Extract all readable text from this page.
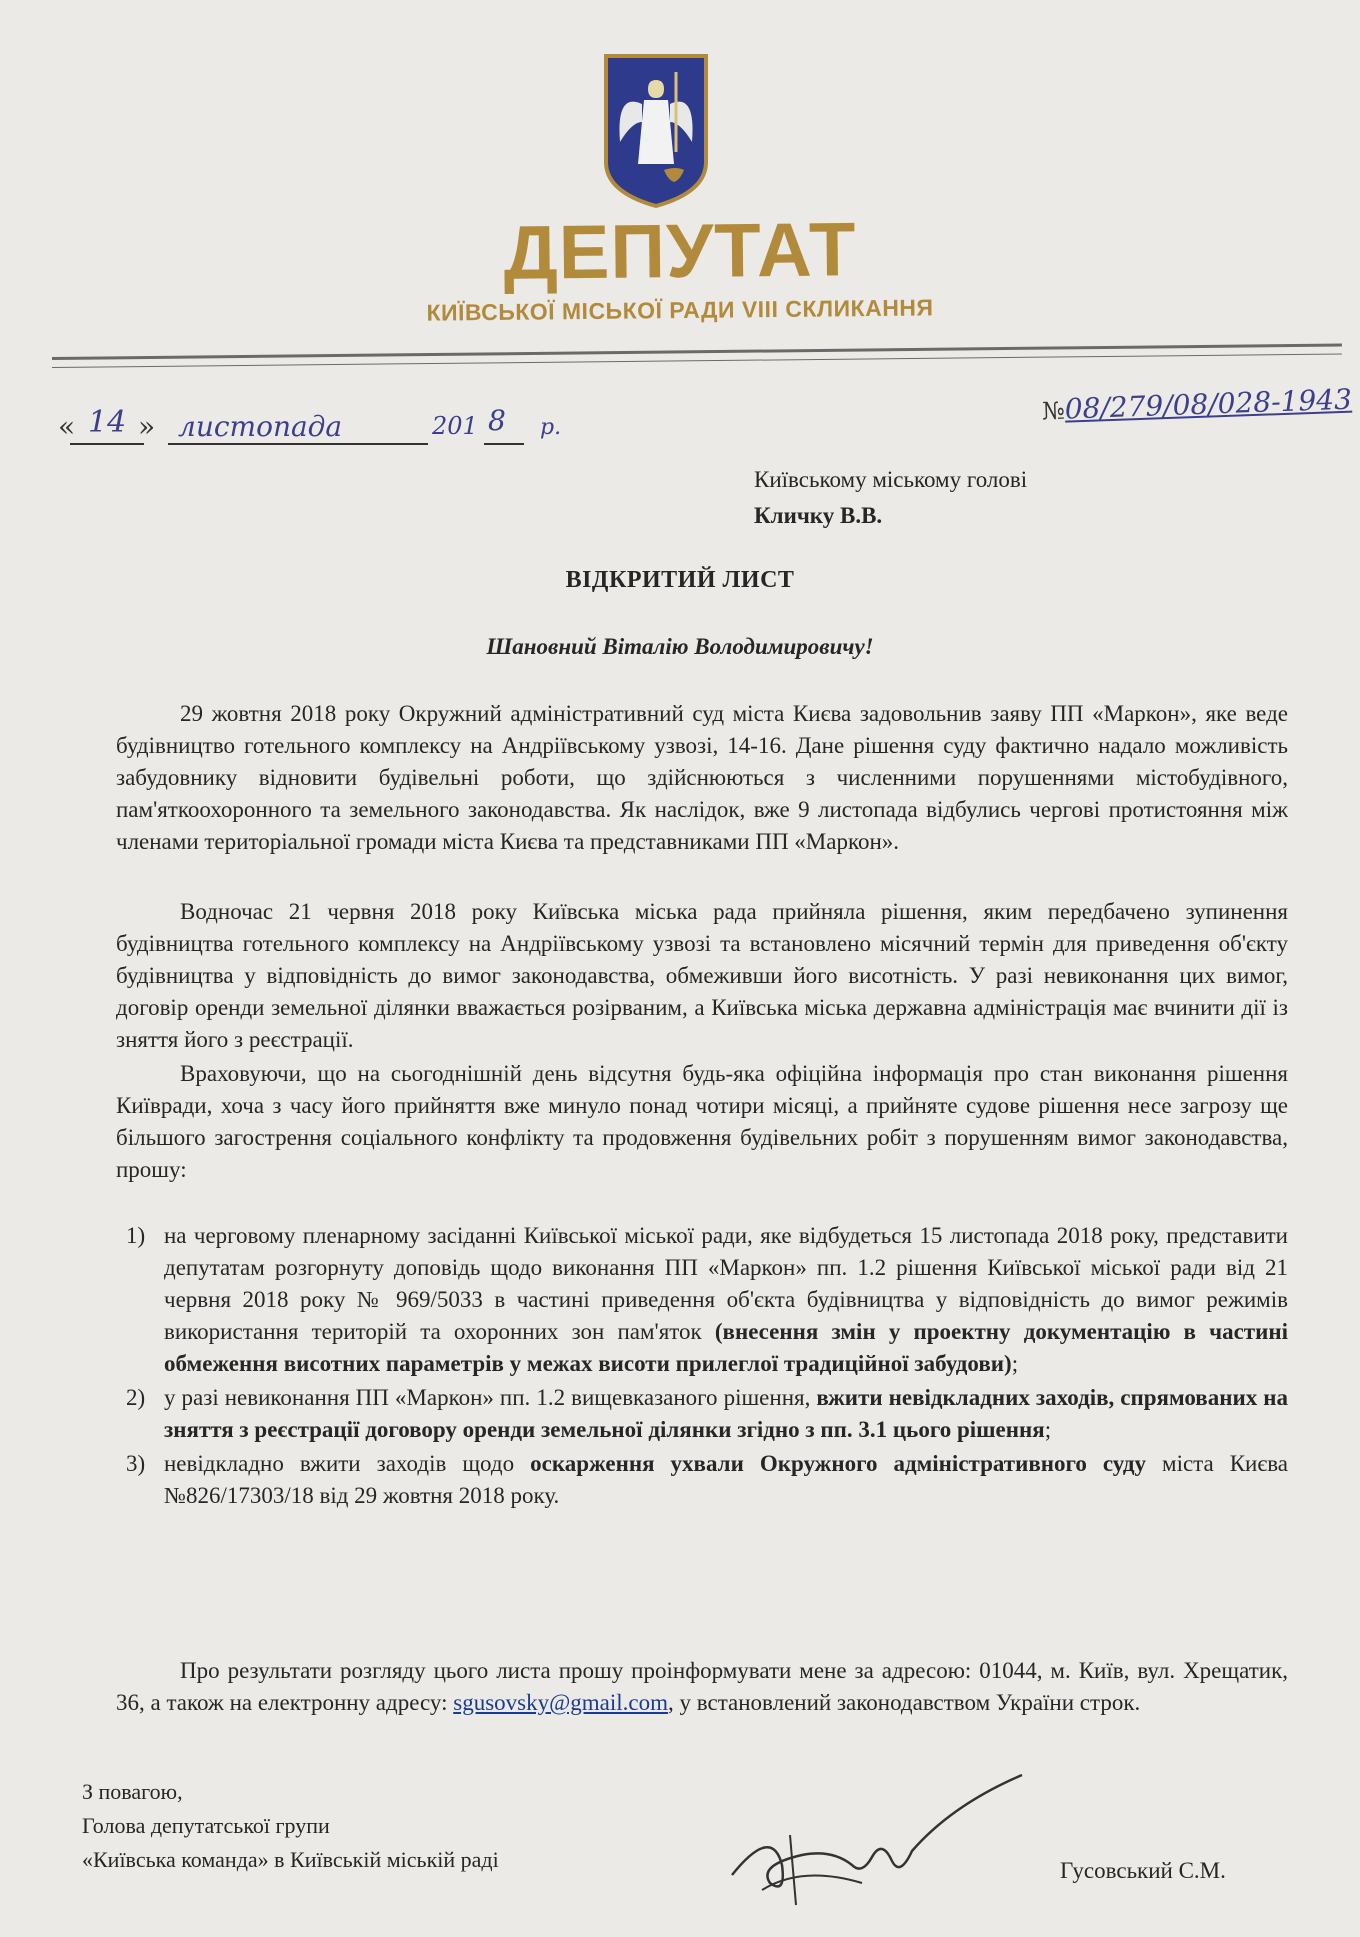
ДЕПУТАТ
КИЇВСЬКОЇ МІСЬКОЇ РАДИ VIII СКЛИКАННЯ
« 14 » листопада	201 8 р.
№08/279/08/028-1943
Київському міському голові
Кличку В.В.
ВІДКРИТИЙ ЛИСТ
Шановний Віталію Володимировичу!

29 жовтня 2018 року Окружний адміністративний суд міста Києва задовольнив заяву ПП «Маркон», яке веде будівництво готельного комплексу на Андріївському узвозі, 14-16. Дане рішення суду фактично надало можливість забудовнику відновити будівельні роботи, що здійснюються з численними порушеннями містобудівного, пам'яткоохоронного та земельного законодавства. Як наслідок, вже 9 листопада відбулись чергові протистояння між членами територіальної громади міста Києва та представниками ПП «Маркон».

Водночас 21 червня 2018 року Київська міська рада прийняла рішення, яким передбачено зупинення будівництва готельного комплексу на Андріївському узвозі та встановлено місячний термін для приведення об'єкту будівництва у відповідність до вимог законодавства, обмеживши його висотність. У разі невиконання цих вимог, договір оренди земельної ділянки вважається розірваним, а Київська міська державна адміністрація має вчинити дії із зняття його з реєстрації.

Враховуючи, що на сьогоднішній день відсутня будь-яка офіційна інформація про стан виконання рішення Київради, хоча з часу його прийняття вже минуло понад чотири місяці, а прийняте судове рішення несе загрозу ще більшого загострення соціального конфлікту та продовження будівельних робіт з порушенням вимог законодавства, прошу:

1) на черговому пленарному засіданні Київської міської ради, яке відбудеться 15 листопада 2018 року, представити депутатам розгорнуту доповідь щодо виконання ПП «Маркон» пп. 1.2 рішення Київської міської ради від 21 червня 2018 року № 969/5033 в частині приведення об'єкта будівництва у відповідність до вимог режимів використання територій та охоронних зон пам'яток (внесення змін у проектну документацію в частині обмеження висотних параметрів у межах висоти прилеглої традиційної забудови);
2) у разі невиконання ПП «Маркон» пп. 1.2 вищевказаного рішення, вжити невідкладних заходів, спрямованих на зняття з реєстрації договору оренди земельної ділянки згідно з пп. 3.1 цього рішення;
3) невідкладно вжити заходів щодо оскарження ухвали Окружного адміністративного суду міста Києва №826/17303/18 від 29 жовтня 2018 року.

Про результати розгляду цього листа прошу проінформувати мене за адресою: 01044, м. Київ, вул. Хрещатик, 36, а також на електронну адресу: sgusovsky@gmail.com, у встановлений законодавством України строк.

З повагою,
Голова депутатської групи
«Київська команда» в Київській міській раді	Гусовський С.М.
